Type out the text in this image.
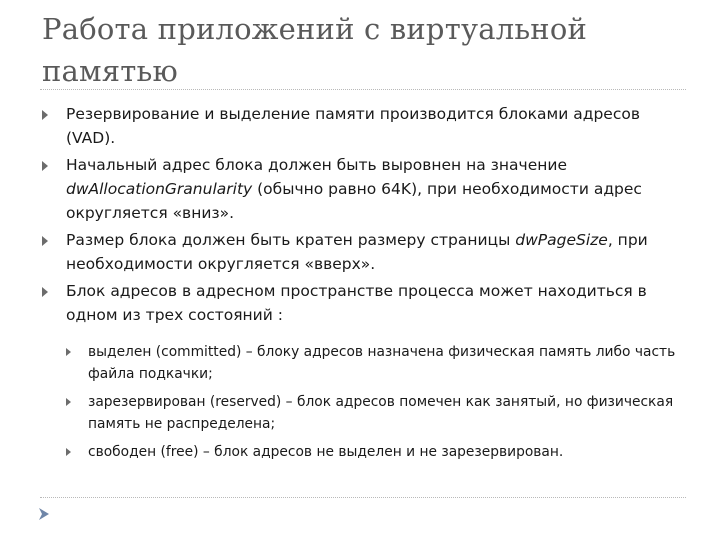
Работа приложений с виртуальной памятью
Резервирование и выделение памяти производится блоками адресов (VAD).
Начальный адрес блока должен быть выровнен на значение dwAllocationGranularity (обычно равно 64K), при необходимости адрес округляется «вниз».
Размер блока должен быть кратен размеру страницы dwPageSize, при необходимости округляется «вверх».
Блок адресов в адресном пространстве процесса может находиться в одном из трех состояний :
выделен (committed) – блоку адресов назначена физическая память либо часть файла подкачки;
зарезервирован (reserved) – блок адресов помечен как занятый, но физическая память не распределена;
свободен (free) – блок адресов не выделен и не зарезервирован.
